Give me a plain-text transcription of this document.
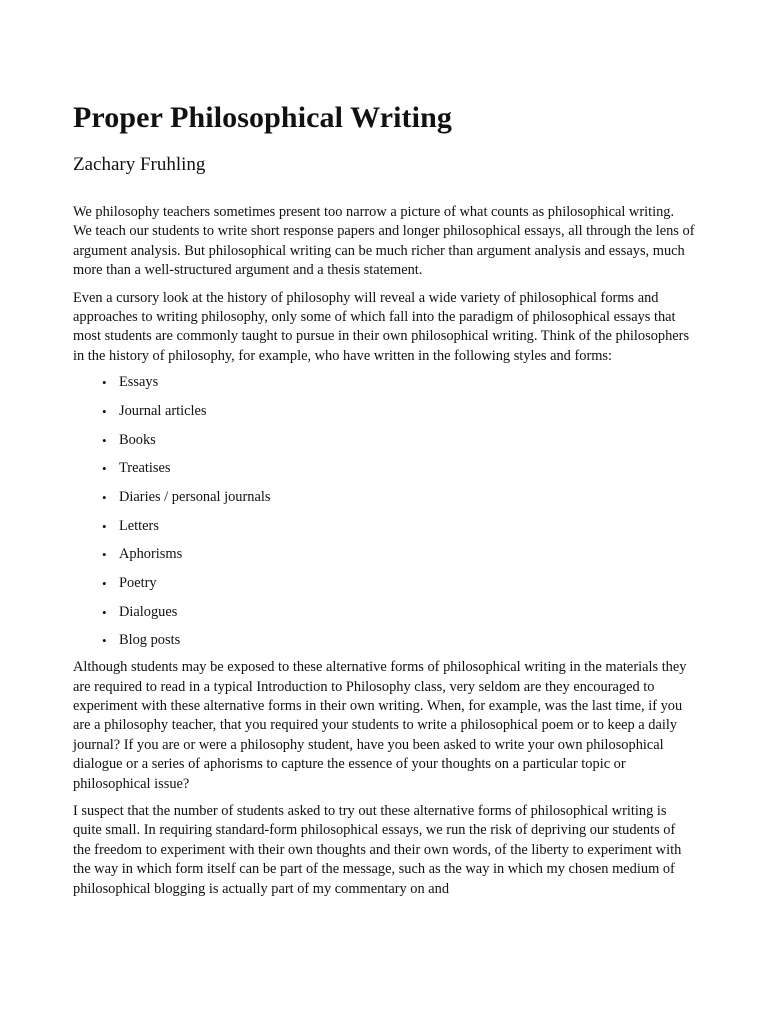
Proper Philosophical Writing

Zachary Fruhling

We philosophy teachers sometimes present too narrow a picture of what counts as philosophical writing. We teach our students to write short response papers and longer philosophical essays, all through the lens of argument analysis. But philosophical writing can be much richer than argument analysis and essays, much more than a well-structured argument and a thesis statement.

Even a cursory look at the history of philosophy will reveal a wide variety of philosophical forms and approaches to writing philosophy, only some of which fall into the paradigm of philosophical essays that most students are commonly taught to pursue in their own philosophical writing. Think of the philosophers in the history of philosophy, for example, who have written in the following styles and forms:

• Essays
• Journal articles
• Books
• Treatises
• Diaries / personal journals
• Letters
• Aphorisms
• Poetry
• Dialogues
• Blog posts

Although students may be exposed to these alternative forms of philosophical writing in the materials they are required to read in a typical Introduction to Philosophy class, very seldom are they encouraged to experiment with these alternative forms in their own writing. When, for example, was the last time, if you are a philosophy teacher, that you required your students to write a philosophical poem or to keep a daily journal? If you are or were a philosophy student, have you been asked to write your own philosophical dialogue or a series of aphorisms to capture the essence of your thoughts on a particular topic or philosophical issue?

I suspect that the number of students asked to try out these alternative forms of philosophical writing is quite small. In requiring standard-form philosophical essays, we run the risk of depriving our students of the freedom to experiment with their own thoughts and their own words, of the liberty to experiment with the way in which form itself can be part of the message, such as the way in which my chosen medium of philosophical blogging is actually part of my commentary on and
